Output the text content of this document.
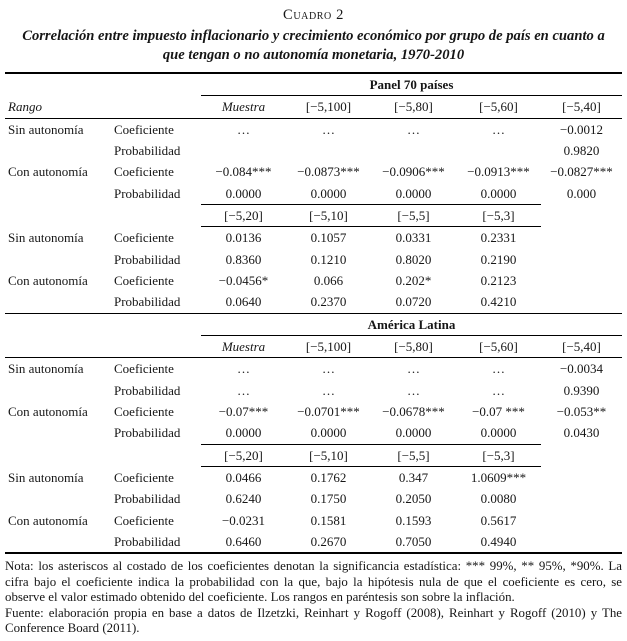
Cuadro 2
Correlación entre impuesto inflacionario y crecimiento económico por grupo de país en cuanto a que tengan o no autonomía monetaria, 1970-2010
		Panel 70 países				
Rango		Muestra	[−5,100]	[−5,80]	[−5,60]	[−5,40]
Sin autonomía	Coeficiente	…	…	…	…	−0.0012
	Probabilidad					0.9820
Con autonomía	Coeficiente	−0.084***	−0.0873***	−0.0906***	−0.0913***	−0.0827***
	Probabilidad	0.0000	0.0000	0.0000	0.0000	0.000
		[−5,20]	[−5,10]	[−5,5]	[−5,3]	
Sin autonomía	Coeficiente	0.0136	0.1057	0.0331	0.2331	
	Probabilidad	0.8360	0.1210	0.8020	0.2190	
Con autonomía	Coeficiente	−0.0456*	0.066	0.202*	0.2123	
	Probabilidad	0.0640	0.2370	0.0720	0.4210	
		América Latina				
		Muestra	[−5,100]	[−5,80]	[−5,60]	[−5,40]
Sin autonomía	Coeficiente	…	…	…	…	−0.0034
	Probabilidad	…	…	…	…	0.9390
Con autonomía	Coeficiente	−0.07***	−0.0701***	−0.0678***	−0.07 ***	−0.053**
	Probabilidad	0.0000	0.0000	0.0000	0.0000	0.0430
		[−5,20]	[−5,10]	[−5,5]	[−5,3]	
Sin autonomía	Coeficiente	0.0466	0.1762	0.347	1.0609***	
	Probabilidad	0.6240	0.1750	0.2050	0.0080	
Con autonomía	Coeficiente	−0.0231	0.1581	0.1593	0.5617	
	Probabilidad	0.6460	0.2670	0.7050	0.4940	

Nota: los asteriscos al costado de los coeficientes denotan la significancia estadística: *** 99%, ** 95%, *90%. La cifra bajo el coeficiente indica la probabilidad con la que, bajo la hipótesis nula de que el coeficiente es cero, se observe el valor estimado obtenido del coeficiente. Los rangos en paréntesis son sobre la inflación.

Fuente: elaboración propia en base a datos de Ilzetzki, Reinhart y Rogoff (2008), Reinhart y Rogoff (2010) y The Conference Board (2011).
